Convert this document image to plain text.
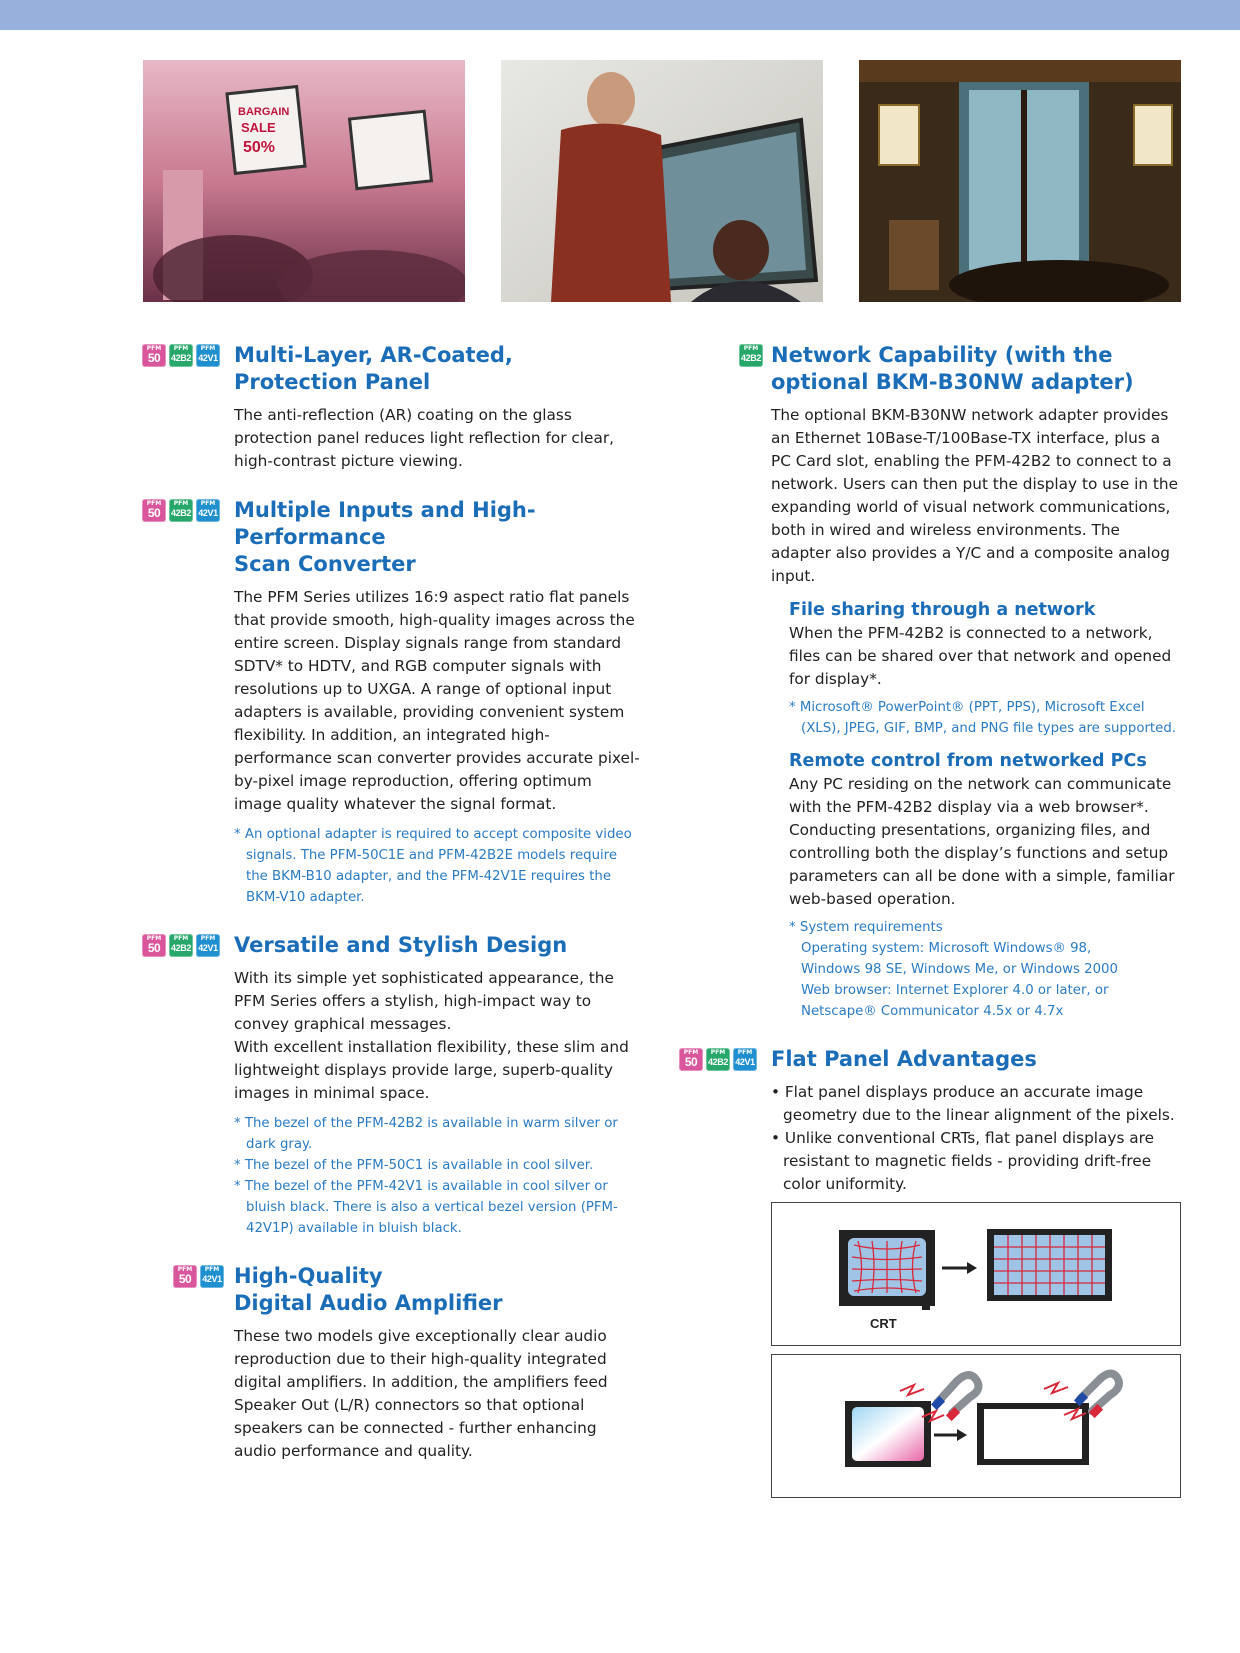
BARGAIN
SALE
50%
PFM
50
PFM
42B2
PFM
42V1 Multi-Layer, AR-Coated,
Protection Panel

The anti-reflection (AR) coating on the glass protection panel reduces light reflection for clear, high-contrast picture viewing.

PFM
50
PFM
42B2
PFM
42V1 Multiple Inputs and High-Performance
Scan Converter

The PFM Series utilizes 16:9 aspect ratio flat panels that provide smooth, high-quality images across the entire screen. Display signals range from standard SDTV* to HDTV, and RGB computer signals with resolutions up to UXGA. A range of optional input adapters is available, providing convenient system flexibility. In addition, an integrated high-performance scan converter provides accurate pixel-by-pixel image reproduction, offering optimum image quality whatever the signal format.

* An optional adapter is required to accept composite video signals. The PFM-50C1E and PFM-42B2E models require the BKM-B10 adapter, and the PFM-42V1E requires the BKM-V10 adapter.

PFM
50
PFM
42B2
PFM
42V1 Versatile and Stylish Design

With its simple yet sophisticated appearance, the PFM Series offers a stylish, high-impact way to convey graphical messages.

With excellent installation flexibility, these slim and lightweight displays provide large, superb-quality images in minimal space.

* The bezel of the PFM-42B2 is available in warm silver or dark gray.

* The bezel of the PFM-50C1 is available in cool silver.

* The bezel of the PFM-42V1 is available in cool silver or bluish black. There is also a vertical bezel version (PFM-42V1P) available in bluish black.

PFM
50
PFM
42V1 High-Quality
Digital Audio Amplifier

These two models give exceptionally clear audio reproduction due to their high-quality integrated digital amplifiers. In addition, the amplifiers feed Speaker Out (L/R) connectors so that optional speakers can be connected - further enhancing audio performance and quality.

PFM
42B2 Network Capability (with the
optional BKM-B30NW adapter)

The optional BKM-B30NW network adapter provides an Ethernet 10Base-T/100Base-TX interface, plus a PC Card slot, enabling the PFM-42B2 to connect to a network. Users can then put the display to use in the expanding world of visual network communications, both in wired and wireless environments. The adapter also provides a Y/C and a composite analog input.

File sharing through a network

When the PFM-42B2 is connected to a network, files can be shared over that network and opened for display*.

* Microsoft® PowerPoint® (PPT, PPS), Microsoft Excel (XLS), JPEG, GIF, BMP, and PNG file types are supported.

Remote control from networked PCs

Any PC residing on the network can communicate with the PFM-42B2 display via a web browser*. Conducting presentations, organizing files, and controlling both the display’s functions and setup parameters can all be done with a simple, familiar web-based operation.

* System requirements
Operating system: Microsoft Windows® 98,
Windows 98 SE, Windows Me, or Windows 2000
Web browser: Internet Explorer 4.0 or later, or
Netscape® Communicator 4.5x or 4.7x
PFM
50
PFM
42B2
PFM
42V1 Flat Panel Advantages
• Flat panel displays produce an accurate image geometry due to the linear alignment of the pixels.
• Unlike conventional CRTs, flat panel displays are resistant to magnetic fields - providing drift-free color uniformity.
CRT
